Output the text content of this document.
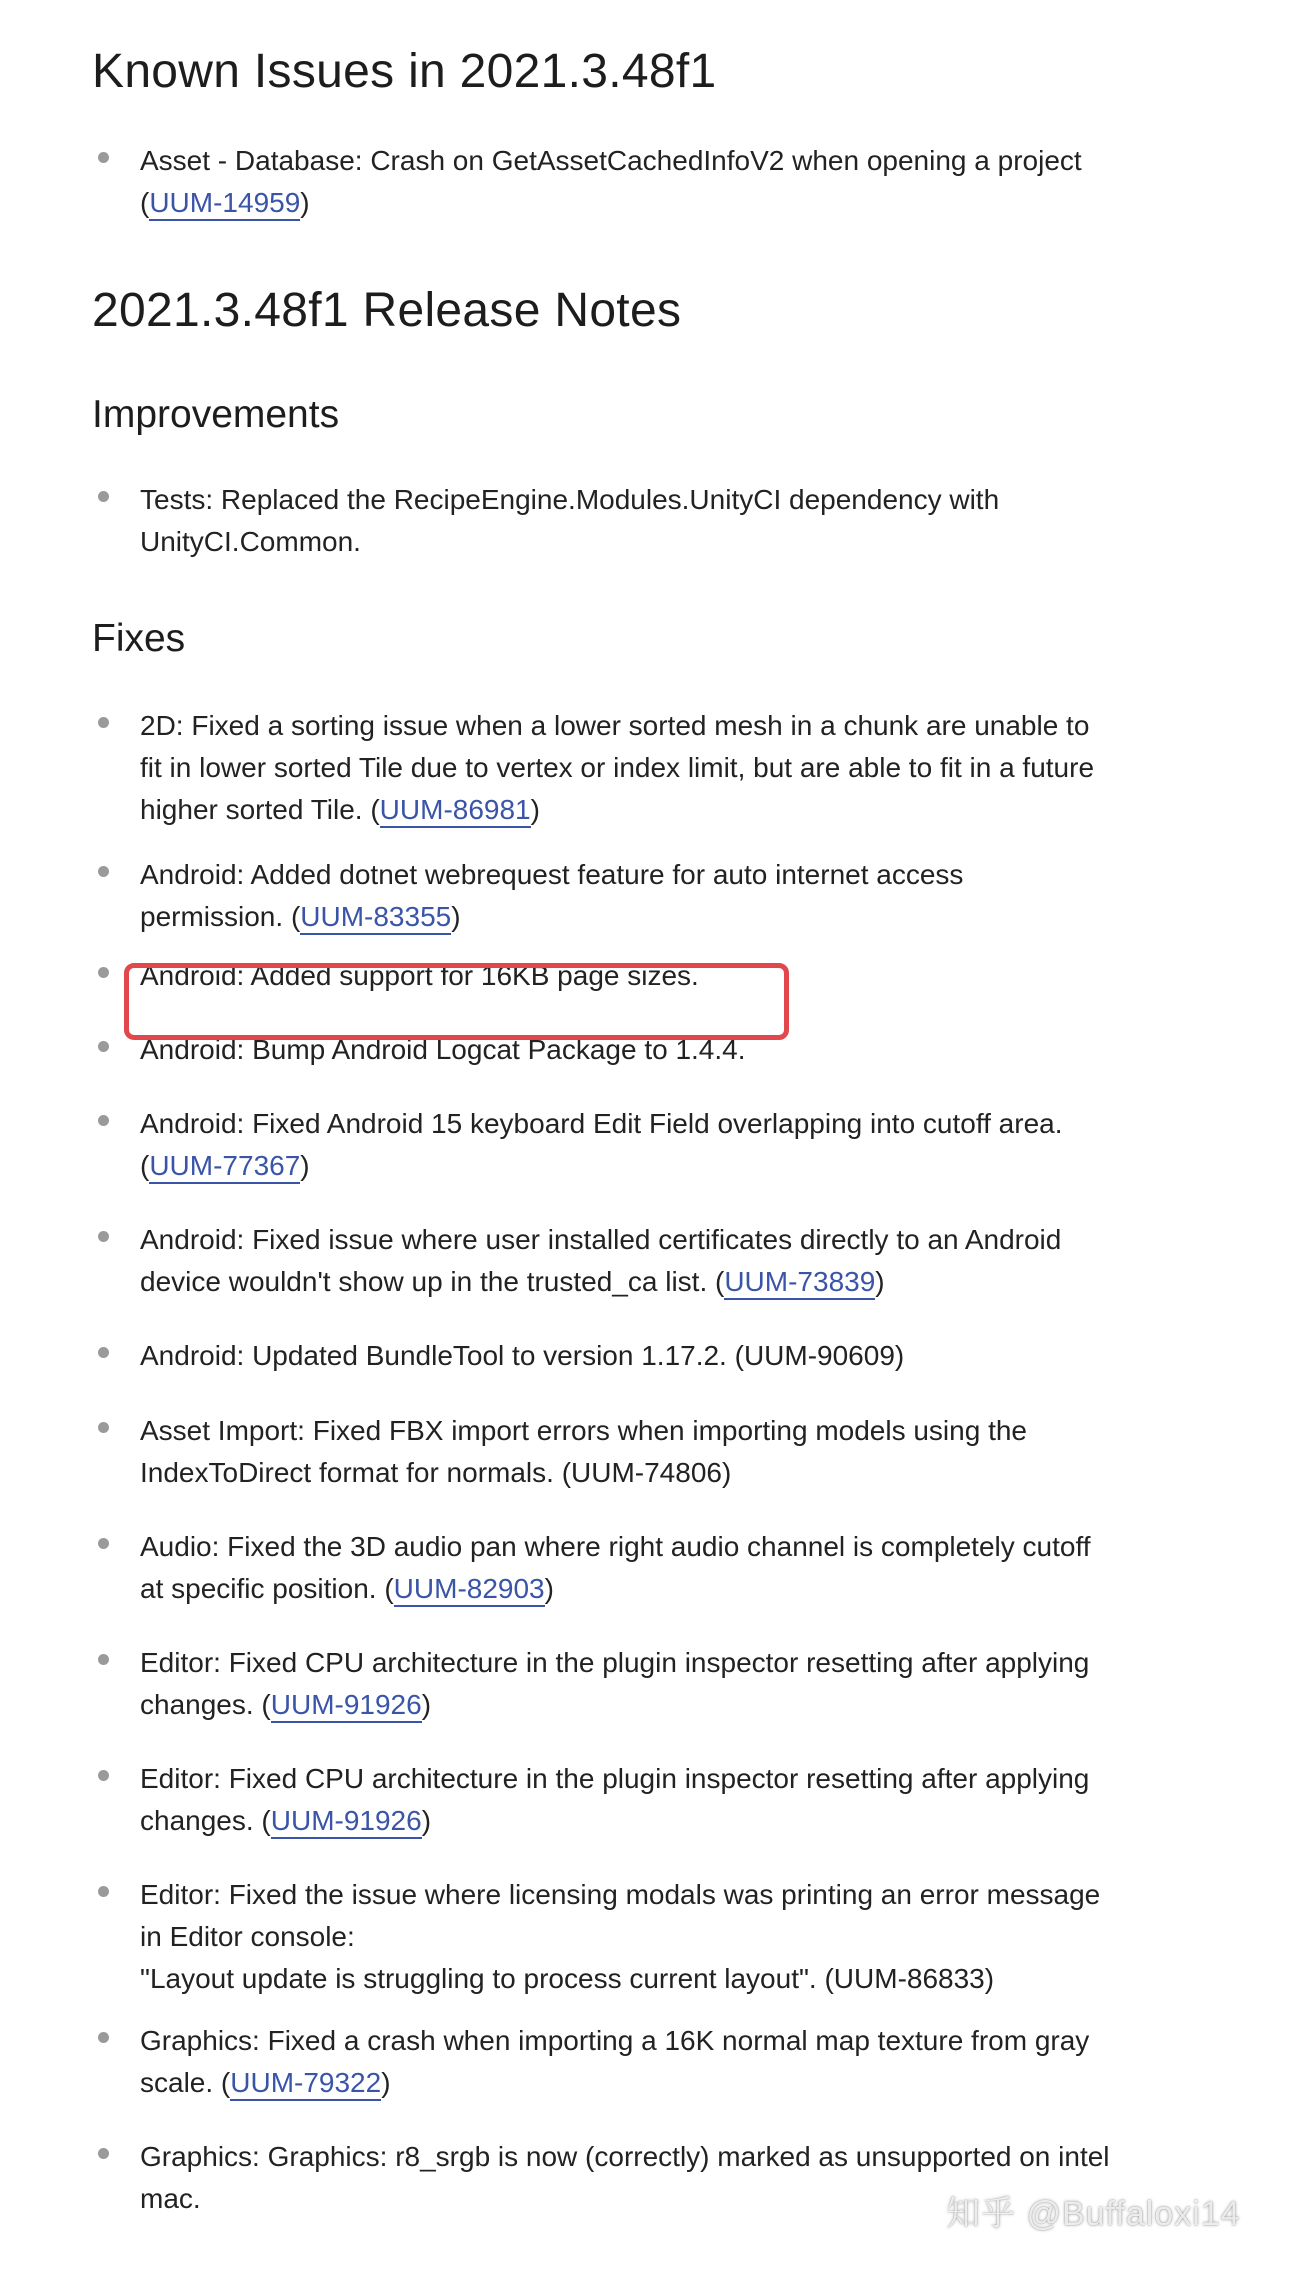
Known Issues in 2021.3.48f1
Asset - Database: Crash on GetAssetCachedInfoV2 when opening a project
(UUM-14959)
2021.3.48f1 Release Notes
Improvements
Tests: Replaced the RecipeEngine.Modules.UnityCI dependency with
UnityCI.Common.
Fixes
2D: Fixed a sorting issue when a lower sorted mesh in a chunk are unable to
fit in lower sorted Tile due to vertex or index limit, but are able to fit in a future
higher sorted Tile. (UUM-86981)
Android: Added dotnet webrequest feature for auto internet access
permission. (UUM-83355)
Android: Added support for 16KB page sizes.
Android: Bump Android Logcat Package to 1.4.4.
Android: Fixed Android 15 keyboard Edit Field overlapping into cutoff area.
(UUM-77367)
Android: Fixed issue where user installed certificates directly to an Android
device wouldn't show up in the trusted_ca list. (UUM-73839)
Android: Updated BundleTool to version 1.17.2. (UUM-90609)
Asset Import: Fixed FBX import errors when importing models using the
IndexToDirect format for normals. (UUM-74806)
Audio: Fixed the 3D audio pan where right audio channel is completely cutoff
at specific position. (UUM-82903)
Editor: Fixed CPU architecture in the plugin inspector resetting after applying
changes. (UUM-91926)
Editor: Fixed CPU architecture in the plugin inspector resetting after applying
changes. (UUM-91926)
Editor: Fixed the issue where licensing modals was printing an error message
in Editor console:
"Layout update is struggling to process current layout". (UUM-86833)
Graphics: Fixed a crash when importing a 16K normal map texture from gray
scale. (UUM-79322)
Graphics: Graphics: r8_srgb is now (correctly) marked as unsupported on intel
mac.	知乎 @Buffaloxi14
